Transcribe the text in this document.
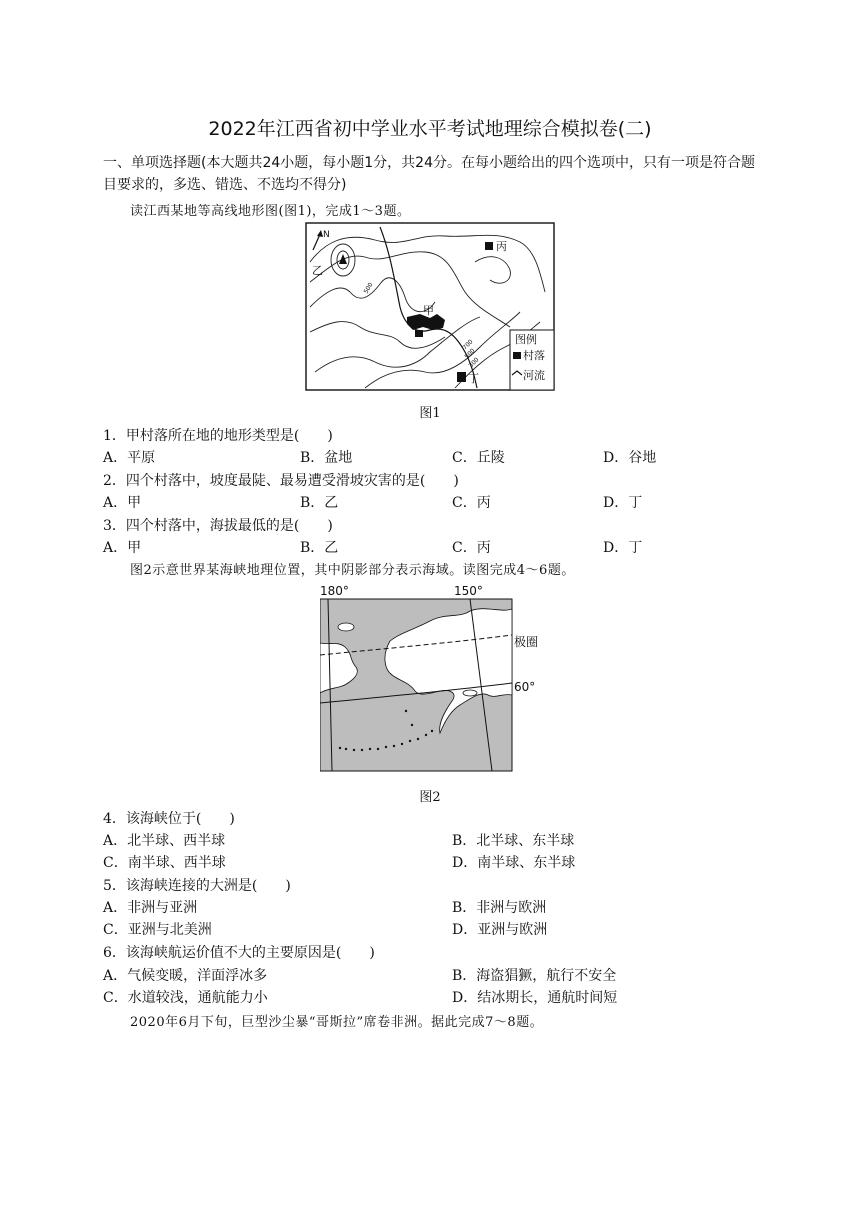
2022年江西省初中学业水平考试地理综合模拟卷(二)
一、单项选择题(本大题共24小题，每小题1分，共24分。在每小题给出的四个选项中，只有一项是符合题目要求的，多选、错选、不选均不得分)
读江西某地等高线地形图(图1)，完成1～3题。
N
乙
丙
甲
丁
500
700
500
300
图例
村落
河流
图1
1．甲村落所在地的地形类型是(　　)
A．平原	B．盆地	C．丘陵	D．谷地
2．四个村落中，坡度最陡、最易遭受滑坡灾害的是(　　)
A．甲	B．乙	C．丙	D．丁
3．四个村落中，海拔最低的是(　　)
A．甲	B．乙	C．丙	D．丁
图2示意世界某海峡地理位置，其中阴影部分表示海域。读图完成4～6题。
180°	150°
极圈
60°
图2
4．该海峡位于(　　)
A．北半球、西半球	B．北半球、东半球
C．南半球、西半球	D．南半球、东半球
5．该海峡连接的大洲是(　　)
A．非洲与亚洲	B．非洲与欧洲
C．亚洲与北美洲	D．亚洲与欧洲
6．该海峡航运价值不大的主要原因是(　　)
A．气候变暖，洋面浮冰多	B．海盗猖獗，航行不安全
C．水道较浅，通航能力小	D．结冰期长，通航时间短
2020年6月下旬，巨型沙尘暴“哥斯拉”席卷非洲。据此完成7～8题。
